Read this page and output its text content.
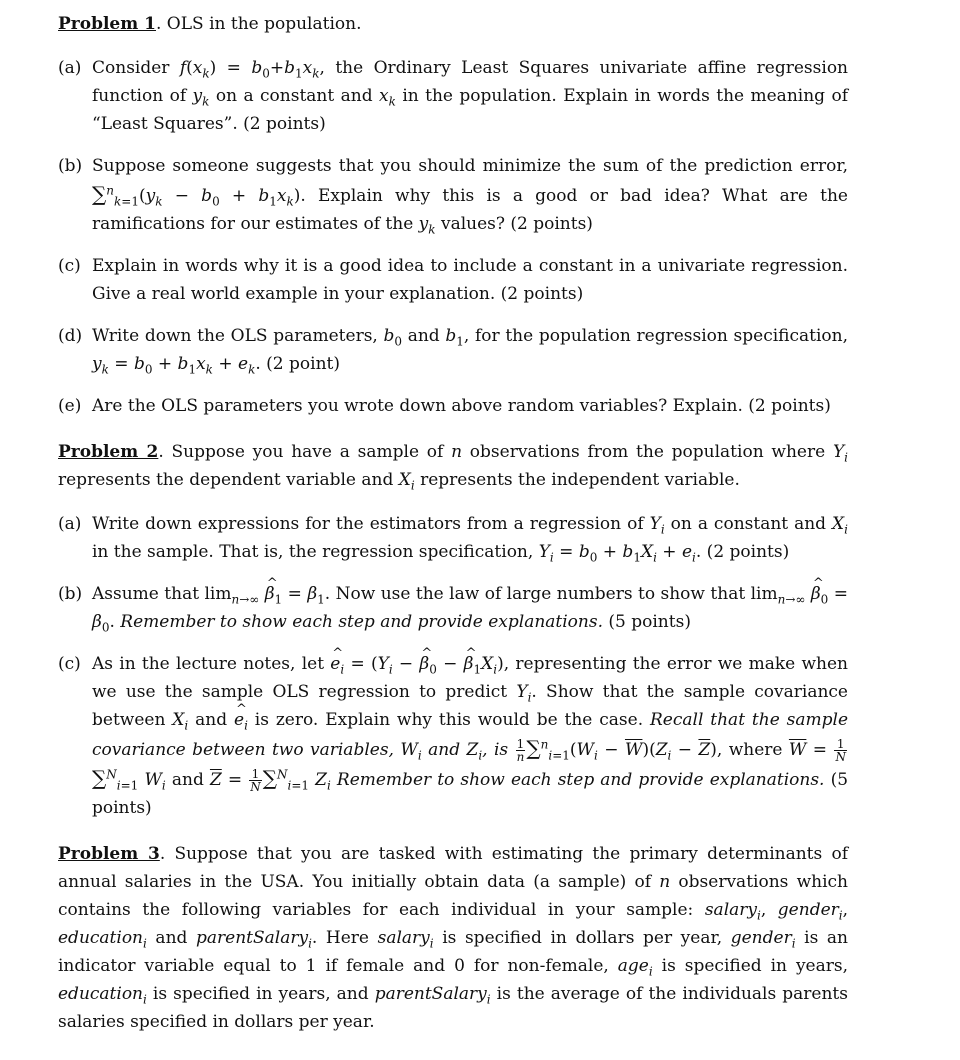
Problem 1. OLS in the population.
(a) Consider $f(x_k) = b_0+b_1x_k$, the Ordinary Least Squares univariate affine regression function of $y_k$ on a constant and $x_k$ in the population. Explain in words the meaning of “Least Squares”. (2 points)
(b) Suppose someone suggests that you should minimize the sum of the prediction error, $\sum^n_{k=1}(y_k - b_0 + b_1x_k)$. Explain why this is a good or bad idea? What are the ramifications for our estimates of the $y_k$ values? (2 points)
(c) Explain in words why it is a good idea to include a constant in a univariate regression. Give a real world example in your explanation. (2 points)
(d) Write down the OLS parameters, $b_0$ and $b_1$, for the population regression specification, $y_k = b_0 + b_1x_k + e_k$. (2 point)
(e) Are the OLS parameters you wrote down above random variables? Explain. (2 points)
Problem 2. Suppose you have a sample of n observations from the population where $Y_i$ represents the dependent variable and $X_i$ represents the independent variable.
(a) Write down expressions for the estimators from a regression of $Y_i$ on a constant and $X_i$ in the sample. That is, the regression specification, $Y_i = b_0 + b_1X_i + e_i$. (2 points)
(b) Assume that $\lim_{n\to\infty}$ ^ $\beta_1 = \beta_1$. Now use the law of large numbers to show that $\lim_{n\to\infty}$ ^ $\beta_0 = \beta_0$. Remember to show each step and provide explanations. (5 points)
(c) As in the lecture notes, let ^ $e_i = (Y_i$ − ^ $\beta_0$ − ^ $\beta_1X_i$), representing the error we make when we use the sample OLS regression to predict $Y_i$. Show that the sample covariance between $X_i$ and ^ $e_i$ is zero. Explain why this would be the case. Recall that the sample covariance between two variables, $W_i$ and $Z_i$, is $\frac{1}{n} \sum^n_{i=1}(W_i - \overline{W})(Z_i - \overline{Z})$, where $\overline{W} = \frac{1}{N}$
∑$^N_{i=1}$ $W_i$ and $\overline{Z} = \frac{1}{N} \sum^N_{i=1}$ $Z_i$ Remember to show each step and provide explanations. (5 points)
Problem 3. Suppose that you are tasked with estimating the primary determinants of annual salaries in the USA. You initially obtain data (a sample) of n observations which contains the following variables for each individual in your sample: salary$_i$, gender$_i$, education$_i$ and parentSalary$_i$. Here salary$_i$ is specified in dollars per year, gender$_i$ is an indicator variable equal to 1 if female and 0 for non-female, age$_i$ is specified in years, education$_i$ is specified in years, and parentSalary$_i$ is the average of the individuals parents salaries specified in dollars per year.
